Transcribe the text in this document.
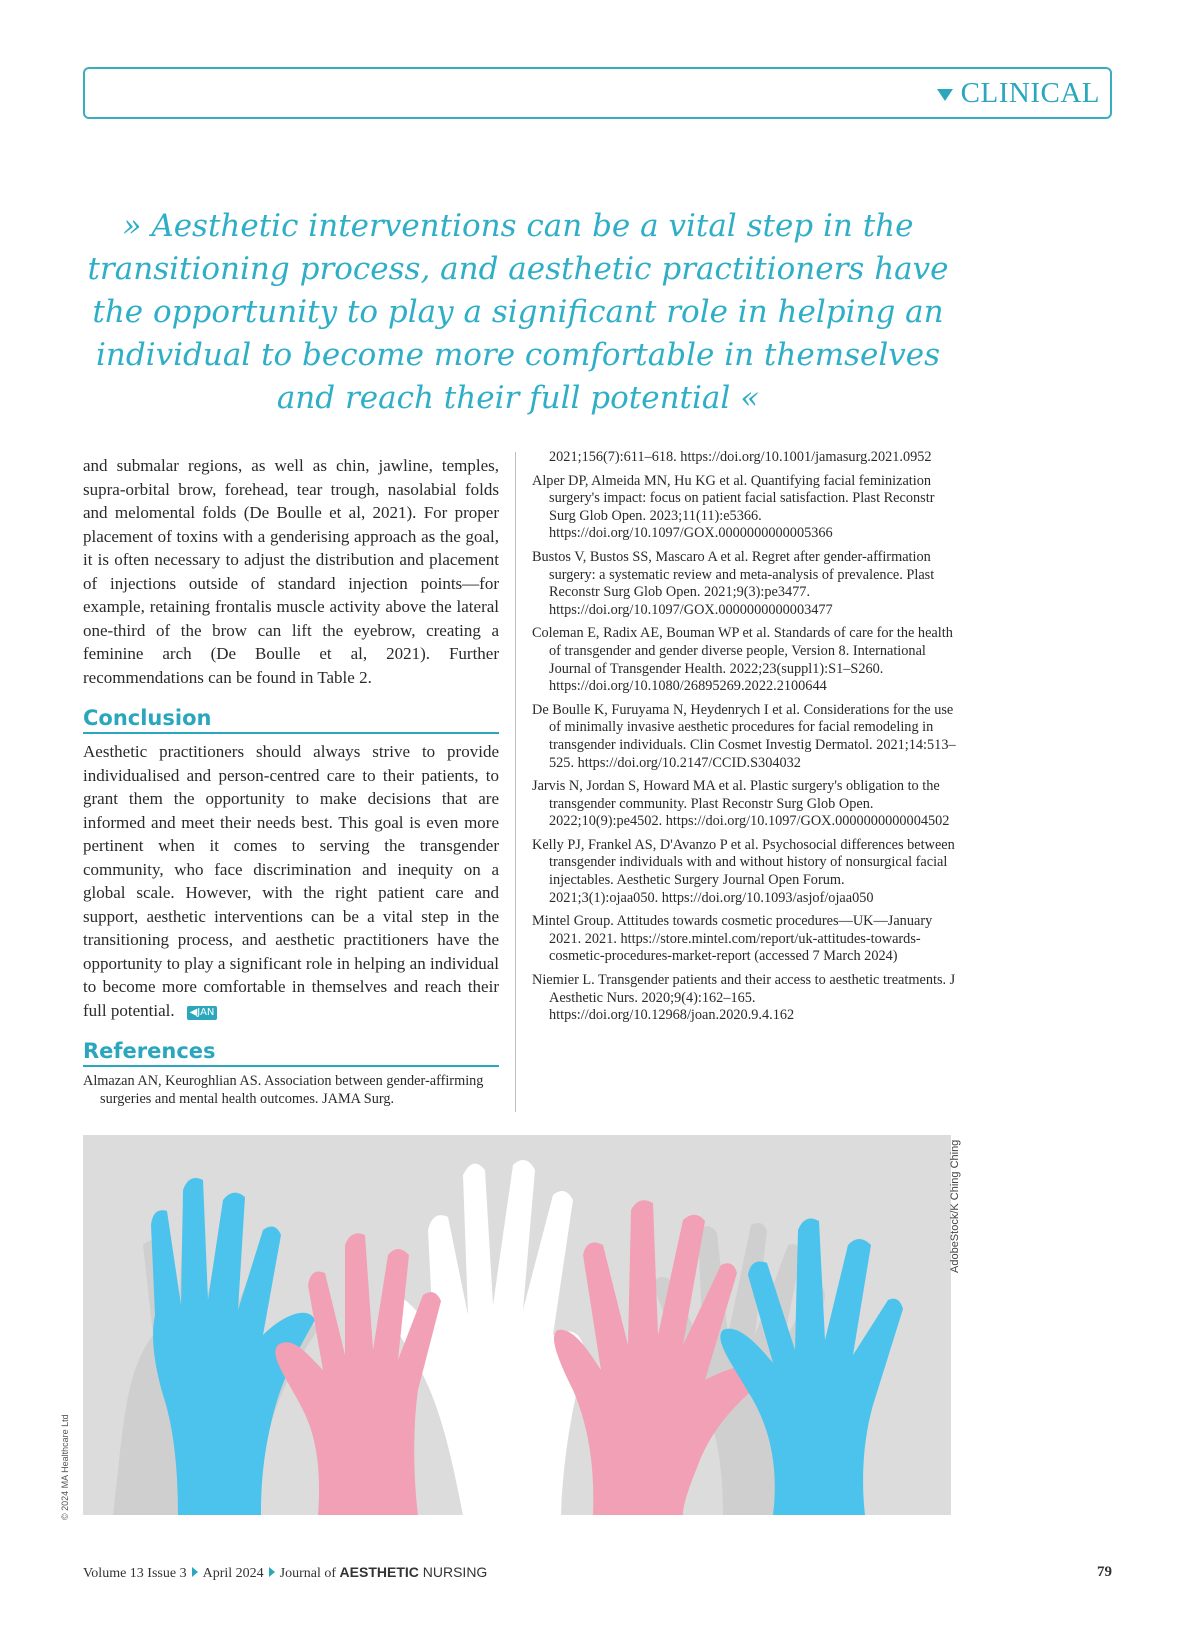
CLINICAL

» Aesthetic interventions can be a vital step in the transitioning process, and aesthetic practitioners have the opportunity to play a significant role in helping an individual to become more comfortable in themselves and reach their full potential «

and submalar regions, as well as chin, jawline, temples, supra-orbital brow, forehead, tear trough, nasolabial folds and melomental folds (De Boulle et al, 2021). For proper placement of toxins with a genderising approach as the goal, it is often necessary to adjust the distribution and placement of injections outside of standard injection points—for example, retaining frontalis muscle activity above the lateral one-third of the brow can lift the eyebrow, creating a feminine arch (De Boulle et al, 2021). Further recommendations can be found in Table 2.

Conclusion

Aesthetic practitioners should always strive to provide individualised and person-centred care to their patients, to grant them the opportunity to make decisions that are informed and meet their needs best. This goal is even more pertinent when it comes to serving the transgender community, who face discrimination and inequity on a global scale. However, with the right patient care and support, aesthetic interventions can be a vital step in the transitioning process, and aesthetic practitioners have the opportunity to play a significant role in helping an individual to become more comfortable in themselves and reach their full potential. ◀JAN

References

Almazan AN, Keuroghlian AS. Association between gender-affirming surgeries and mental health outcomes. JAMA Surg.

2021;156(7):611–618. https://doi.org/10.1001/jamasurg.2021.0952

Alper DP, Almeida MN, Hu KG et al. Quantifying facial feminization surgery's impact: focus on patient facial satisfaction. Plast Reconstr Surg Glob Open. 2023;11(11):e5366. https://doi.org/10.1097/GOX.0000000000005366

Bustos V, Bustos SS, Mascaro A et al. Regret after gender-affirmation surgery: a systematic review and meta-analysis of prevalence. Plast Reconstr Surg Glob Open. 2021;9(3):pe3477. https://doi.org/10.1097/GOX.0000000000003477

Coleman E, Radix AE, Bouman WP et al. Standards of care for the health of transgender and gender diverse people, Version 8. International Journal of Transgender Health. 2022;23(suppl1):S1–S260. https://doi.org/10.1080/26895269.2022.2100644

De Boulle K, Furuyama N, Heydenrych I et al. Considerations for the use of minimally invasive aesthetic procedures for facial remodeling in transgender individuals. Clin Cosmet Investig Dermatol. 2021;14:513–525. https://doi.org/10.2147/CCID.S304032

Jarvis N, Jordan S, Howard MA et al. Plastic surgery's obligation to the transgender community. Plast Reconstr Surg Glob Open. 2022;10(9):pe4502. https://doi.org/10.1097/GOX.0000000000004502

Kelly PJ, Frankel AS, D'Avanzo P et al. Psychosocial differences between transgender individuals with and without history of nonsurgical facial injectables. Aesthetic Surgery Journal Open Forum. 2021;3(1):ojaa050. https://doi.org/10.1093/asjof/ojaa050

Mintel Group. Attitudes towards cosmetic procedures—UK—January 2021. 2021. https://store.mintel.com/report/uk-attitudes-towards-cosmetic-procedures-market-report (accessed 7 March 2024)

Niemier L. Transgender patients and their access to aesthetic treatments. J Aesthetic Nurs. 2020;9(4):162–165. https://doi.org/10.12968/joan.2020.9.4.162

AdobeStock/K Ching Ching
© 2024 MA Healthcare Ltd
Volume 13 Issue 3 April 2024 Journal of AESTHETIC NURSING	79
